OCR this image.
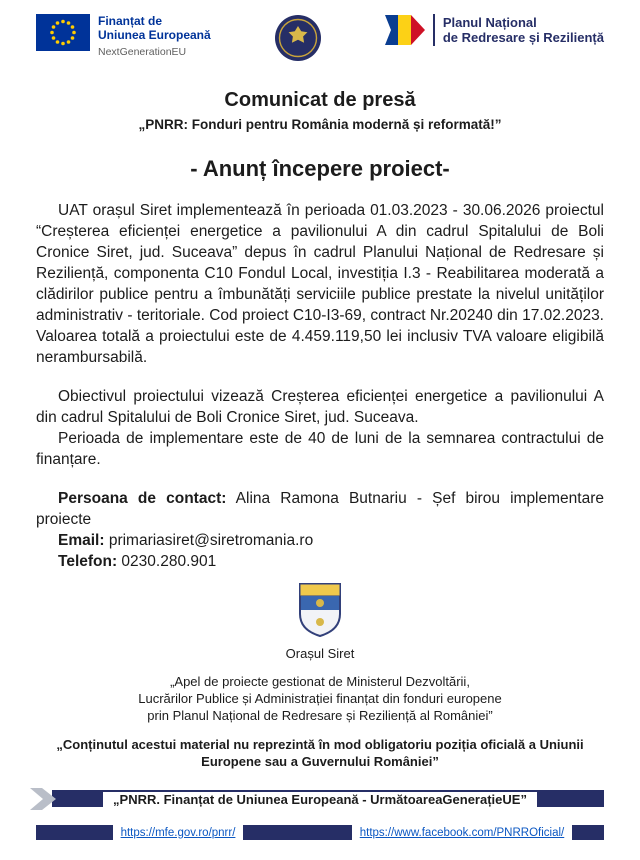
Finanțat de
Uniunea Europeană
NextGenerationEU
Planul Național
de Redresare și Reziliență
Comunicat de presă
„PNRR: Fonduri pentru România modernă și reformată!”
- Anunț începere proiect-

UAT orașul Siret implementează în perioada 01.03.2023 - 30.06.2026 proiectul “Creșterea eficienței energetice a pavilionului A din cadrul Spitalului de Boli Cronice Siret, jud. Suceava” depus în cadrul Planului Național de Redresare și Reziliență, componenta C10 Fondul Local, investiția I.3 - Reabilitarea moderată a clădirilor publice pentru a îmbunătăți serviciile publice prestate la nivelul unităților administrativ - teritoriale. Cod proiect C10-I3-69, contract Nr.20240 din 17.02.2023. Valoarea totală a proiectului este de 4.459.119,50 lei inclusiv TVA valoare eligibilă nerambursabilă.

Obiectivul proiectului vizează Creșterea eficienței energetice a pavilionului A din cadrul Spitalului de Boli Cronice Siret, jud. Suceava.

Perioada de implementare este de 40 de luni de la semnarea contractului de finanțare.

Persoana de contact: Alina Ramona Butnariu - Șef birou implementare proiecte

Email: primariasiret@siretromania.ro

Telefon: 0230.280.901

Orașul Siret
„Apel de proiecte gestionat de Ministerul Dezvoltării,
Lucrărilor Publice și Administrației finanțat din fonduri europene
prin Planul Național de Redresare și Reziliență al României”
„Conținutul acestui material nu reprezintă în mod obligatoriu poziția oficială a Uniunii
Europene sau a Guvernului României”
„PNRR. Finanțat de Uniunea Europeană - UrmătoareaGenerațieUE”
https://mfe.gov.ro/pnrr/	https://www.facebook.com/PNRROficial/
